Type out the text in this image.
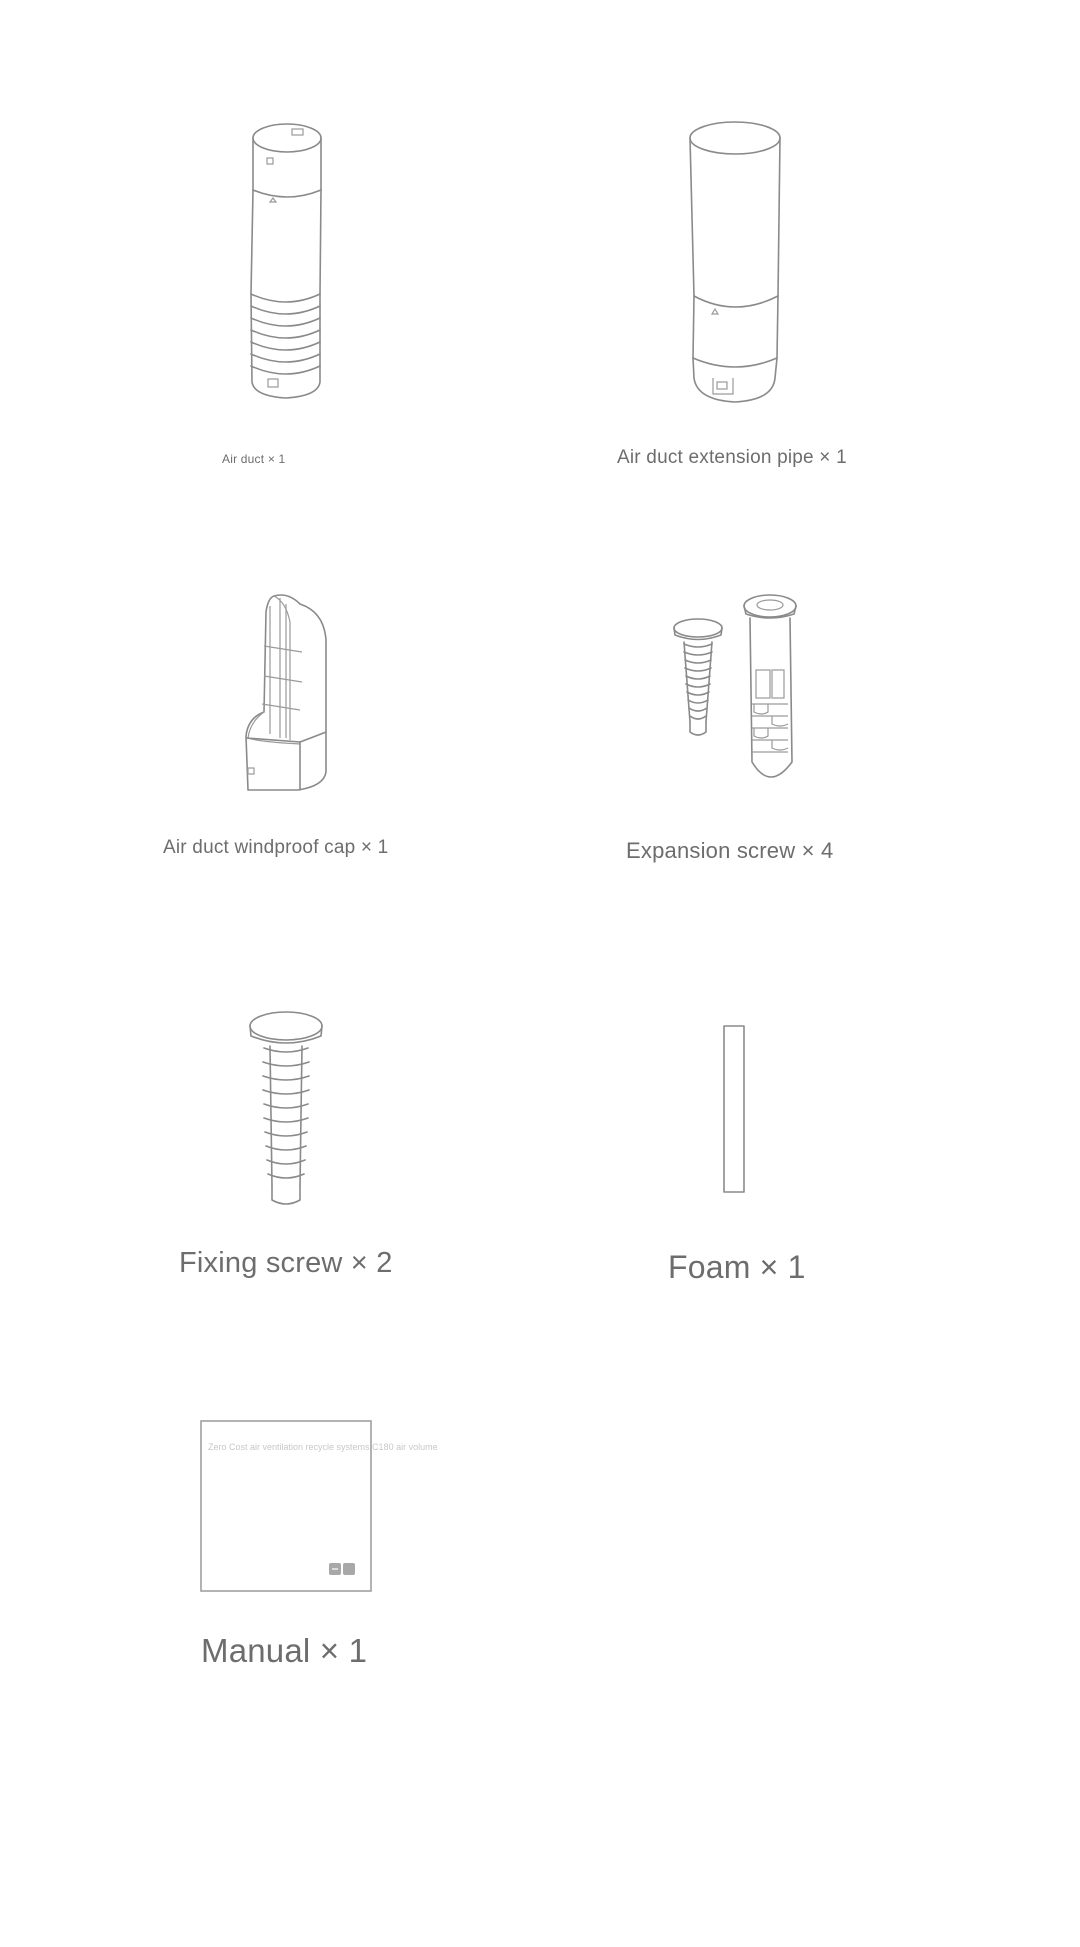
Air duct × 1	Air duct extension pipe × 1
Air duct windproof cap × 1	Expansion screw × 4
Fixing screw × 2	Foam × 1
Zero Cost air ventilation recycle systems C180 air volume
Manual × 1
